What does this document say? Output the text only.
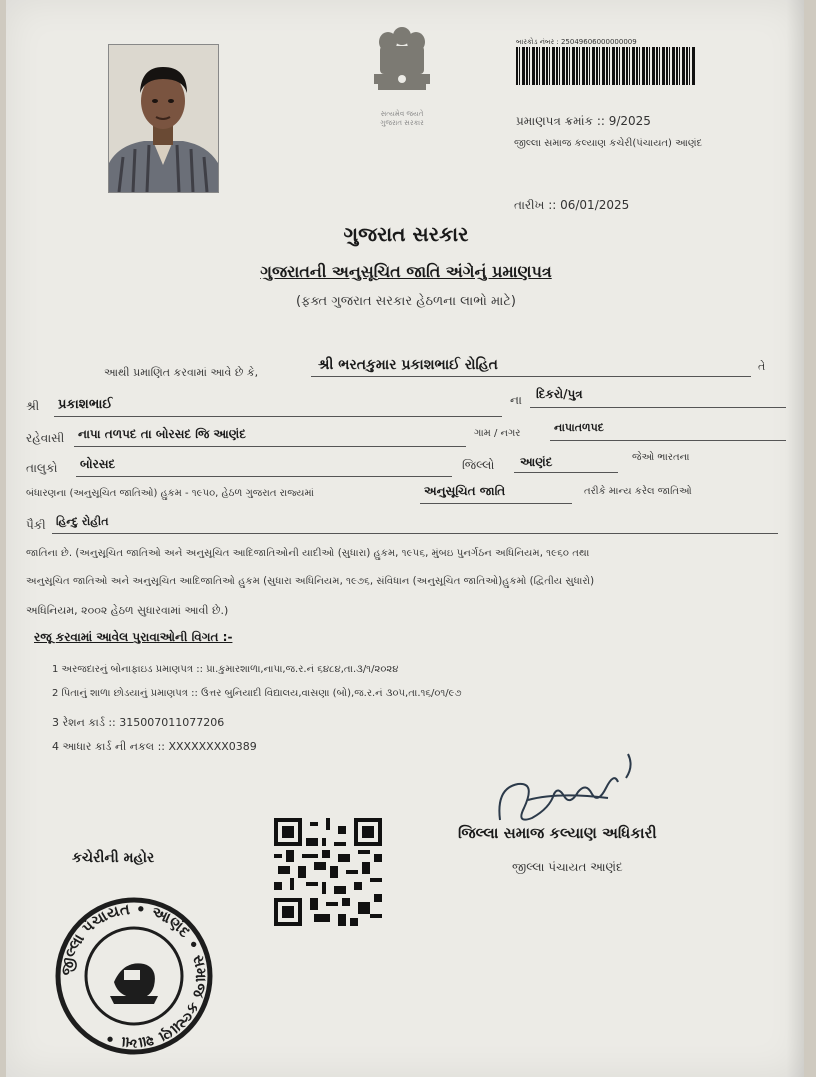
સત્યમેવ જયતે
ગુજરાત સરકાર
બારકોડ નંબર : 25049606000000009
પ્રમાણપત્ર ક્રમાંક :: 9/2025
જીલ્લા સમાજ કલ્યાણ કચેરી(પંચાયત) આણંદ
તારીખ :: 06/01/2025
ગુજરાત સરકાર
ગુજરાતની અનુસૂચિત જાતિ અંગેનું પ્રમાણપત્ર
(ફક્ત ગુજરાત સરકાર હેઠળના લાભો માટે)
આથી પ્રમાણિત કરવામાં આવે છે કે,	શ્રી ભરતકુમાર પ્રકાશભાઈ રોહિત	તે
શ્રી પ્રકાશભાઈ	ના દિકરો/પુત્ર
રહેવાસી નાપા તળપદ તા બોરસદ જિ આણંદ	ગામ / નગર	નાપાતળપદ
તાલુકો બોરસદ	જિલ્લો આણંદ	જેઓ ભારતના
બંધારણના (અનુસૂચિત જાતિઓ) હુકમ - ૧૯૫૦, હેઠળ ગુજરાત રાજ્યમાં	અનુસૂચિત જાતિ	તરીકે માન્ય કરેલ જાતિઓ
પૈકી હિન્દુ રોહીત
જાતિના છે. (અનુસૂચિત જાતિઓ અને અનુસૂચિત આદિજાતિઓની યાદીઓ (સુધારા) હુકમ, ૧૯૫૬, મુંબઇ પુનર્ગઠન અધિનિયમ, ૧૯૬૦ તથા
અનુસૂચિત જાતિઓ અને અનુસૂચિત આદિજાતિઓ હુકમ (સુધારા અધિનિયમ, ૧૯૭૬, સંવિધાન (અનુસૂચિત જાતિઓ)હુકમો (દ્વિતીય સુધારો)
અધિનિયમ, ૨૦૦૨ હેઠળ સુધારવામાં આવી છે.)
રજૂ કરવામાં આવેલ પુરાવાઓની વિગત :-
1 અરજદારનું બોનાફાઇડ પ્રમાણપત્ર :: પ્રા.કુમારશાળા,નાપા,જ.ર.નં ૬૪૮૪,તા.૩/૧/૨૦૨૪
2 પિતાનું શાળા છોડયાનું પ્રમાણપત્ર :: ઉત્તર બુનિયાદી વિદ્યાલય,વાસણા (બો),જ.ર.નં ૩૦૫,તા.૧૬/૦૧/૯૭
3 રેશન કાર્ડ :: 315007011077206
4 આધાર કાર્ડ ની નકલ :: XXXXXXXX0389
જિલ્લા સમાજ કલ્યાણ અધિકારી
જીલ્લા પંચાયત આણંદ
કચેરીની મહોર
જીલ્લા પંચાયત • આણંદ • સમાજ કલ્યાણ શાખા •
